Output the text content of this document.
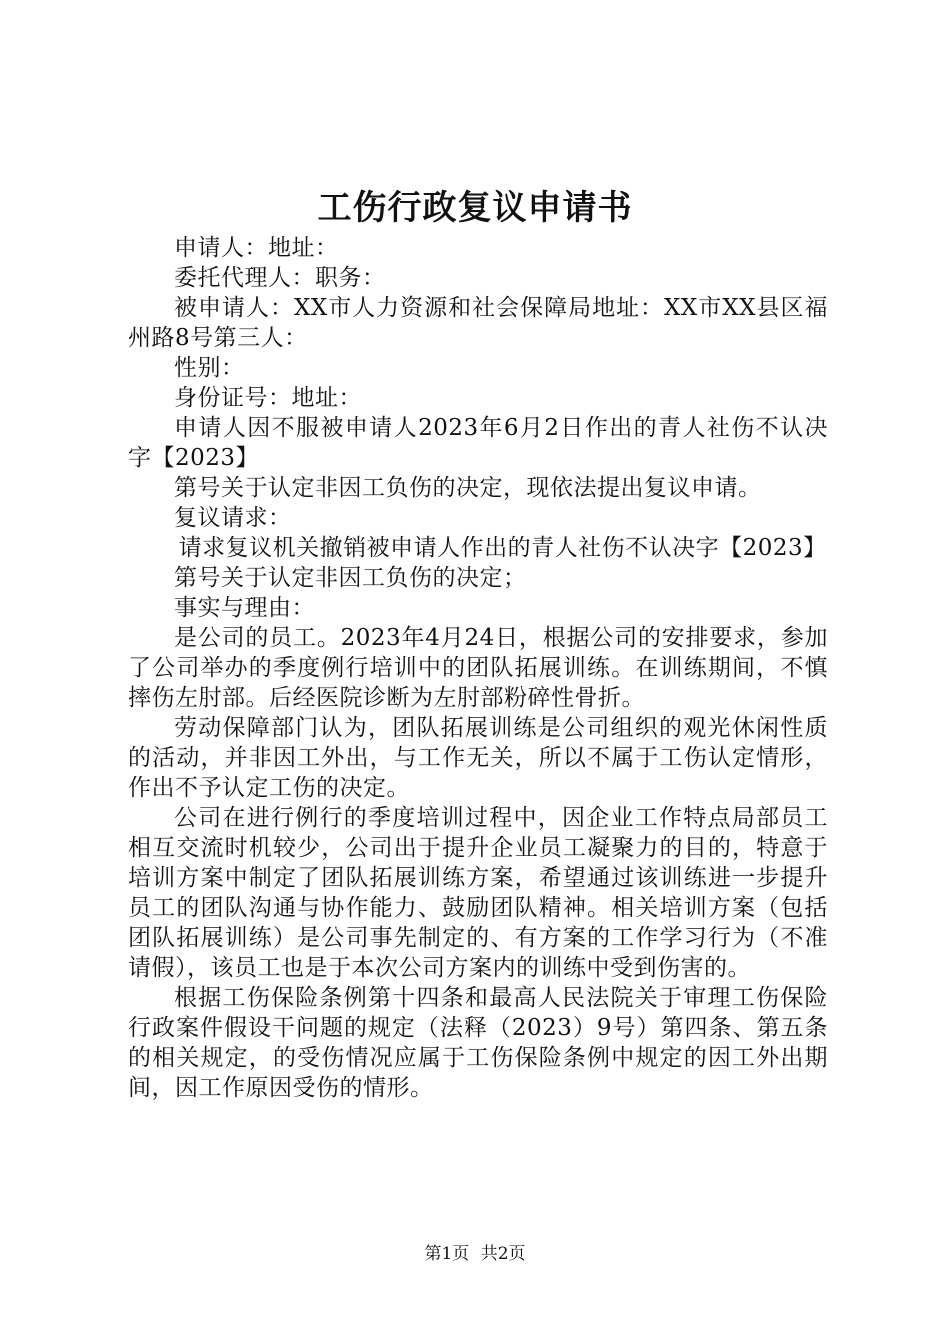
工伤行政复议申请书

申请人：地址：

委托代理人：职务：

被申请人：XX市人力资源和社会保障局地址：XX市XX县区福州路8号第三人：

性别：

身份证号：地址：

申请人因不服被申请人2023年6月2日作出的青人社伤不认决字【2023】

第号关于认定非因工负伤的决定，现依法提出复议申请。

复议请求：

请求复议机关撤销被申请人作出的青人社伤不认决字【2023】

第号关于认定非因工负伤的决定；

事实与理由：

是公司的员工。2023年4月24日，根据公司的安排要求，参加了公司举办的季度例行培训中的团队拓展训练。在训练期间，不慎摔伤左肘部。后经医院诊断为左肘部粉碎性骨折。

劳动保障部门认为，团队拓展训练是公司组织的观光休闲性质的活动，并非因工外出，与工作无关，所以不属于工伤认定情形，作出不予认定工伤的决定。

公司在进行例行的季度培训过程中，因企业工作特点局部员工相互交流时机较少，公司出于提升企业员工凝聚力的目的，特意于培训方案中制定了团队拓展训练方案，希望通过该训练进一步提升员工的团队沟通与协作能力、鼓励团队精神。相关培训方案（包括团队拓展训练）是公司事先制定的、有方案的工作学习行为（不准请假），该员工也是于本次公司方案内的训练中受到伤害的。

根据工伤保险条例第十四条和最高人民法院关于审理工伤保险行政案件假设干问题的规定（法释（2023）9号）第四条、第五条的相关规定，的受伤情况应属于工伤保险条例中规定的因工外出期间，因工作原因受伤的情形。

第1页 共2页
